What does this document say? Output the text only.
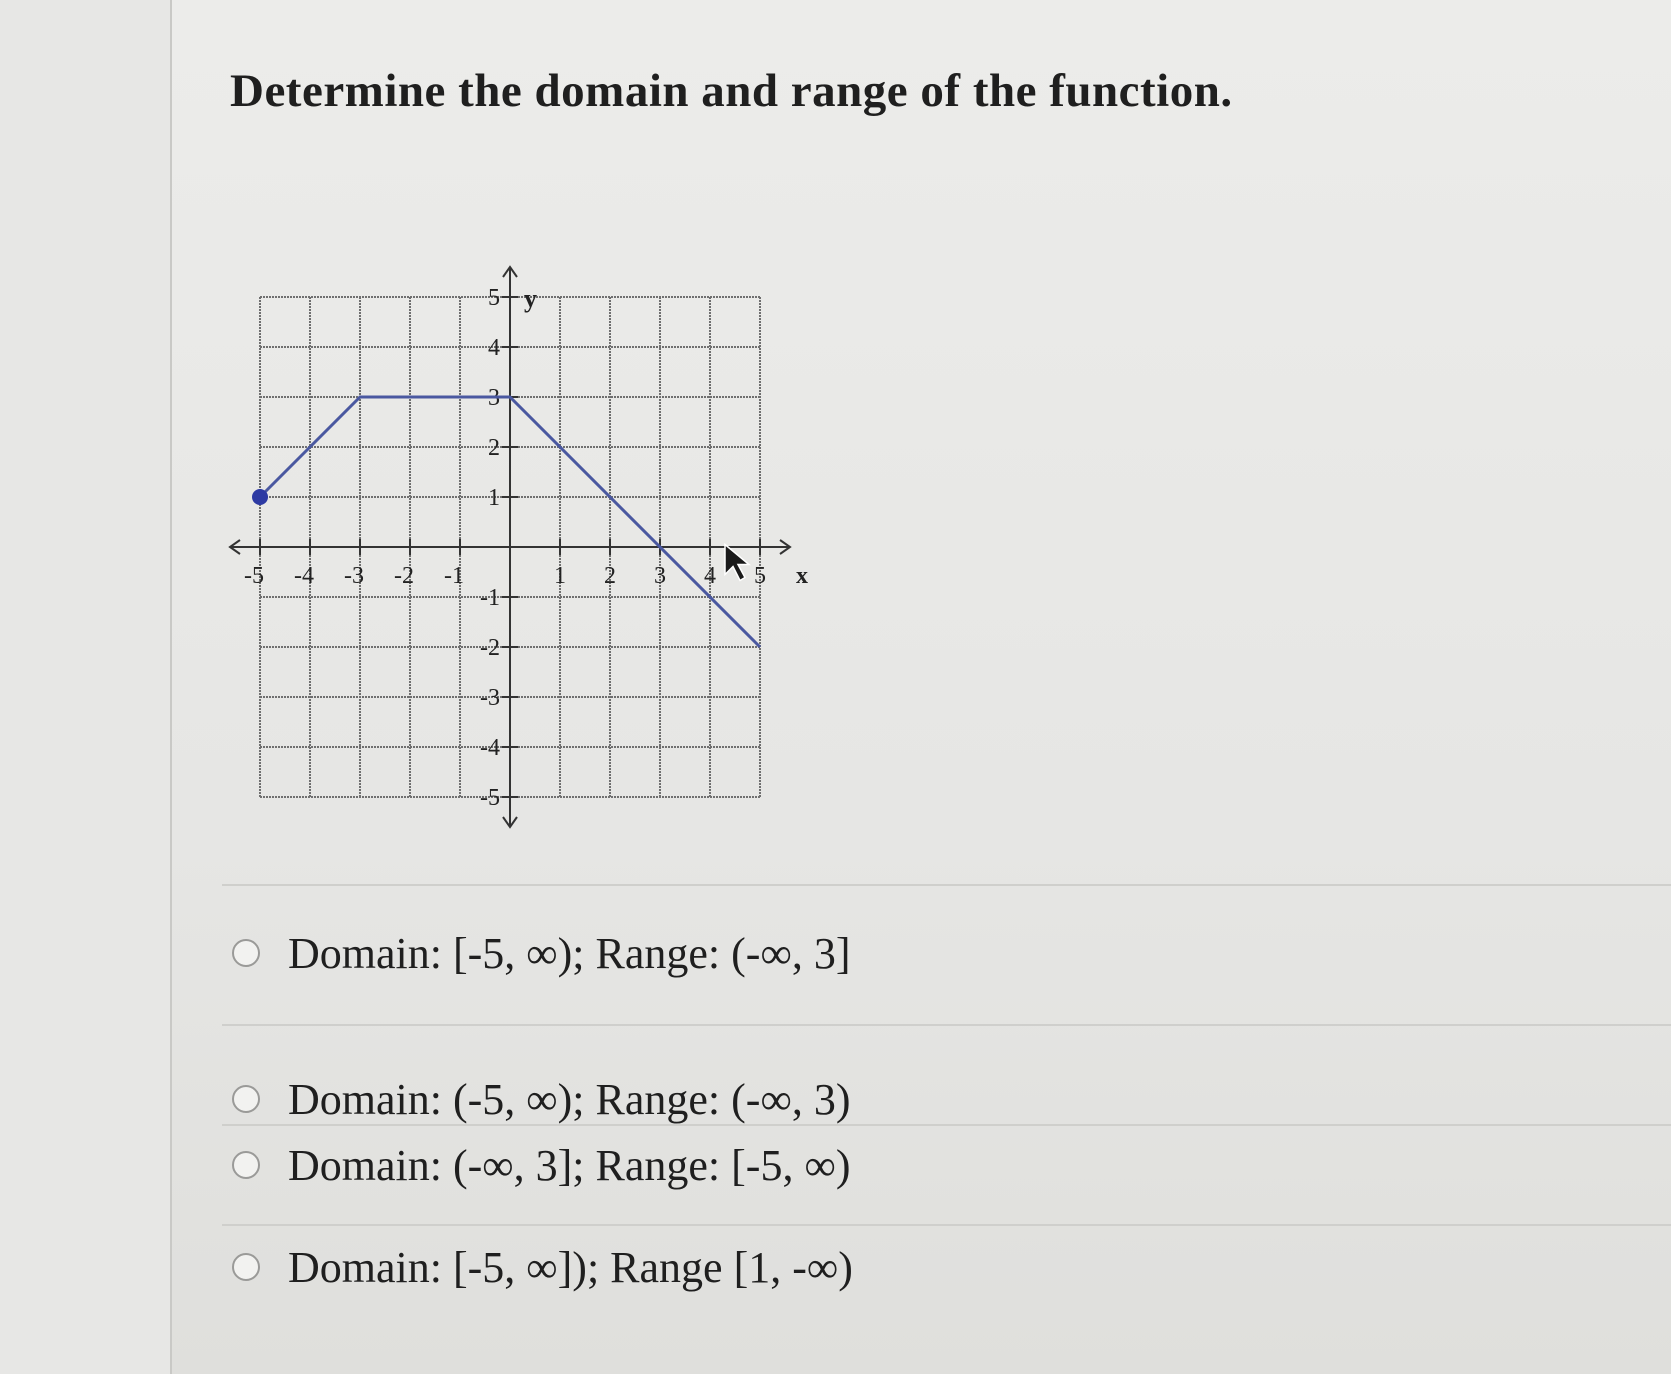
Determine the domain and range of the function.
-5 -4 -3 -2 -1	1 2 3 4 5
5
4
3
2
1
-1
-2
-3
-4
-5
x
y
Domain: [-5, ∞); Range: (-∞, 3]
Domain: (-5, ∞); Range: (-∞, 3)
Domain: (-∞, 3]; Range: [-5, ∞)
Domain: [-5, ∞]); Range [1, -∞)
